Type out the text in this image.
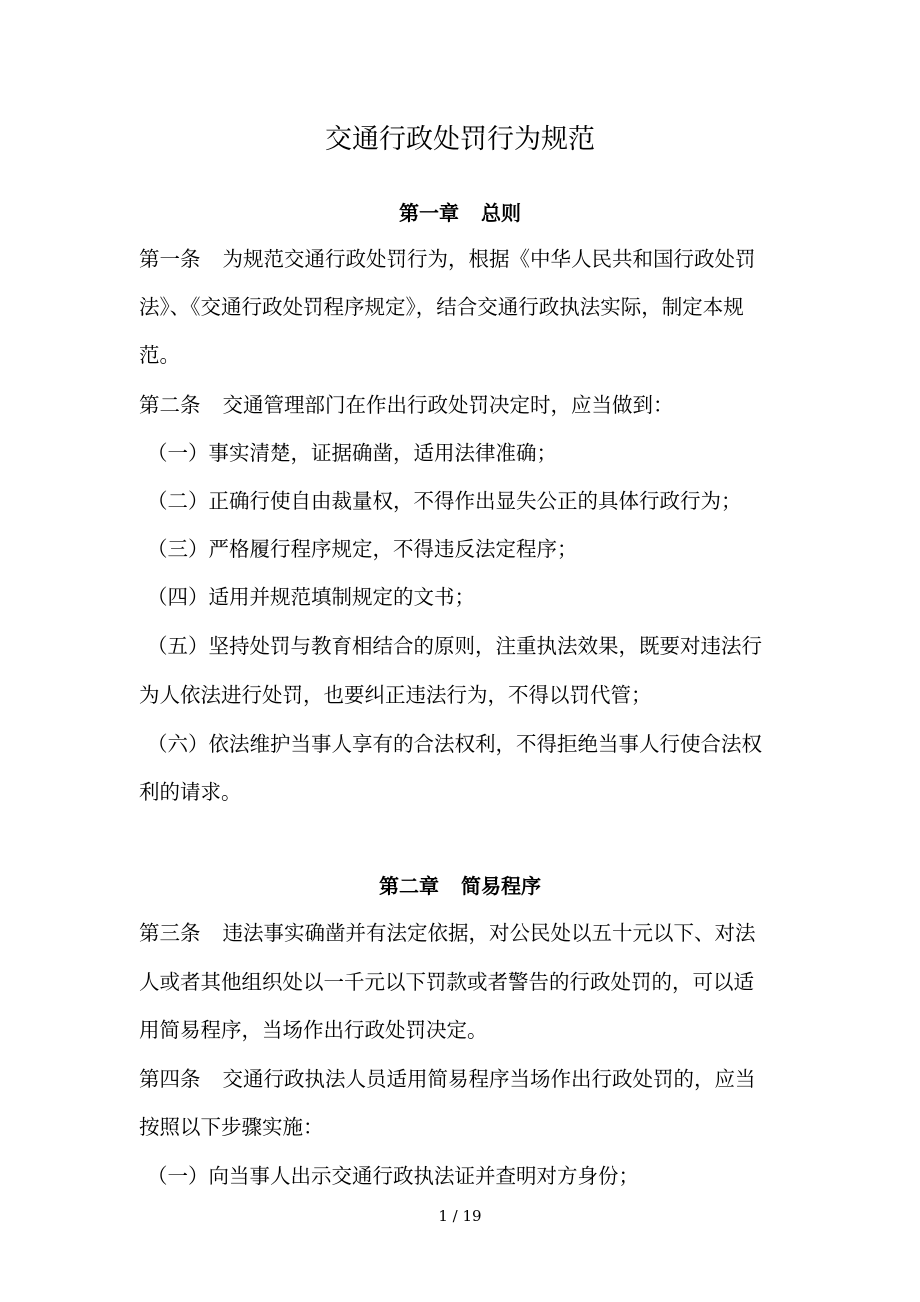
交通行政处罚行为规范
第一章 总则
第一条 为规范交通行政处罚行为，根据《中华人民共和国行政处罚
法》、《交通行政处罚程序规定》，结合交通行政执法实际，制定本规
范。
第二条 交通管理部门在作出行政处罚决定时，应当做到：
（一）事实清楚，证据确凿，适用法律准确；
（二）正确行使自由裁量权，不得作出显失公正的具体行政行为；
（三）严格履行程序规定，不得违反法定程序；
（四）适用并规范填制规定的文书；
（五）坚持处罚与教育相结合的原则，注重执法效果，既要对违法行
为人依法进行处罚，也要纠正违法行为，不得以罚代管；
（六）依法维护当事人享有的合法权利，不得拒绝当事人行使合法权
利的请求。
第二章 简易程序
第三条 违法事实确凿并有法定依据，对公民处以五十元以下、对法
人或者其他组织处以一千元以下罚款或者警告的行政处罚的，可以适
用简易程序，当场作出行政处罚决定。
第四条 交通行政执法人员适用简易程序当场作出行政处罚的，应当
按照以下步骤实施：
（一）向当事人出示交通行政执法证并查明对方身份；
1 / 19
